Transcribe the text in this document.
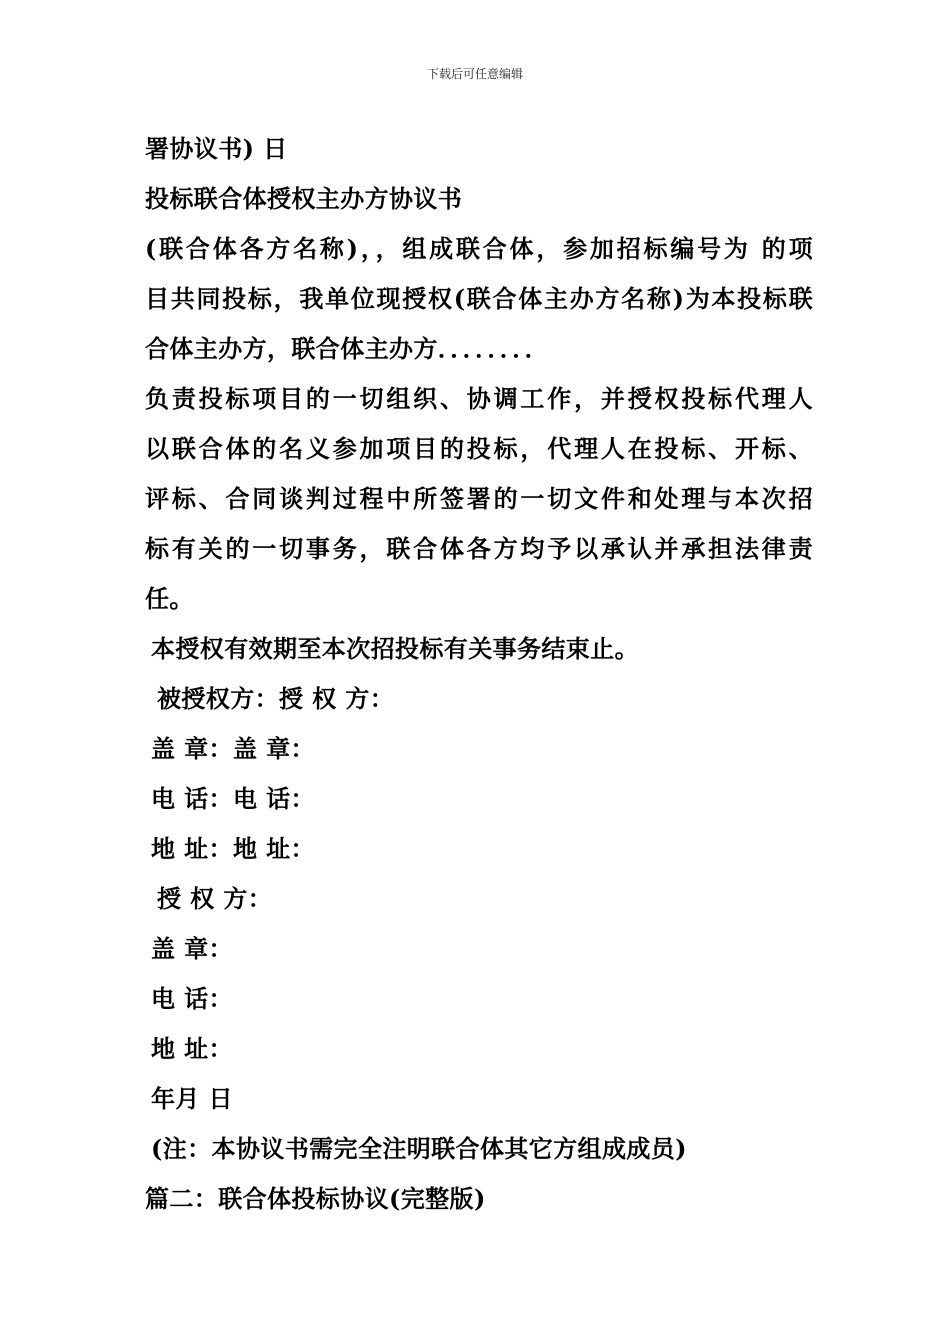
下载后可任意编辑
署协议书) 日
投标联合体授权主办方协议书
(联合体各方名称)，，组成联合体，参加招标编号为 的项
目共同投标，我单位现授权(联合体主办方名称)为本投标联
合体主办方，联合体主办方．．．．．．．．
负责投标项目的一切组织、协调工作，并授权投标代理人
以联合体的名义参加项目的投标，代理人在投标、开标、
评标、合同谈判过程中所签署的一切文件和处理与本次招
标有关的一切事务，联合体各方均予以承认并承担法律责
任。
本授权有效期至本次招投标有关事务结束止。
被授权方：授 权 方：
盖 章：盖 章：
电 话：电 话：
地 址：地 址：
授 权 方：
盖 章：
电 话：
地 址：
年月 日
(注：本协议书需完全注明联合体其它方组成成员)
篇二：联合体投标协议(完整版)
